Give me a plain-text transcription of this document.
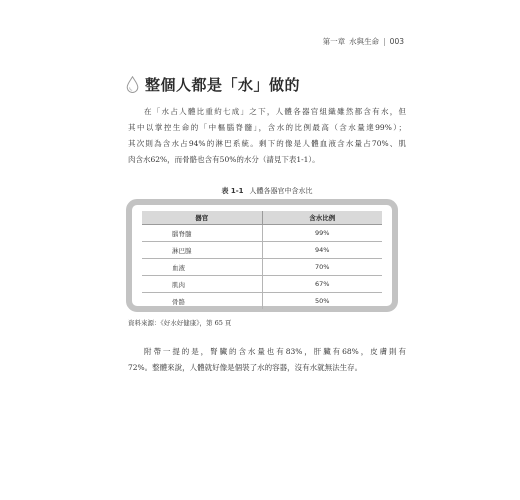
第一章 水與生命 | 003
整個人都是「水」做的
在「水占人體比重約七成」之下，人體各器官組織雖然都含有水，但
其中以掌控生命的「中樞腦脊髓」，含水的比例最高（含水量達99%）；
其次則為含水占94%的淋巴系統。剩下的像是人體血液含水量占70%、肌
肉含水62%，而骨骼也含有50%的水分（請見下表1-1）。
表 1-1 人體各器官中含水比
器官	含水比例
腦脊髓	99%
淋巴腺	94%
血液	70%
肌肉	67%
骨骼	50%
資料來源：《好水好健康》，第 65 頁
附帶一提的是，腎臟的含水量也有83%，肝臟有68%，皮膚則有
72%。整體來說，人體就好像是個裝了水的容器，沒有水就無法生存。
